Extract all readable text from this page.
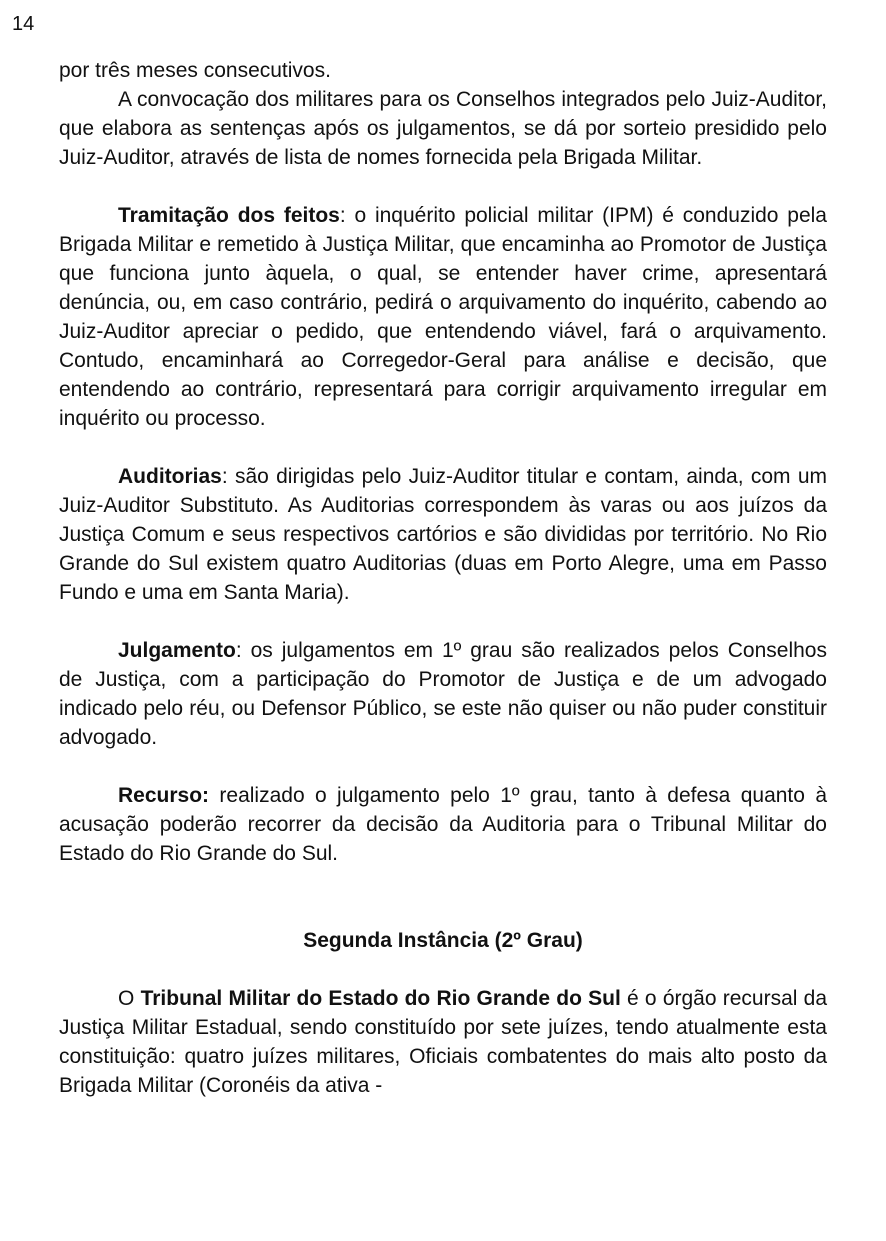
14

por três meses consecutivos.

A convocação dos militares para os Conselhos integrados pelo Juiz-Auditor, que elabora as sentenças após os julgamentos, se dá por sorteio presidido pelo Juiz-Auditor, através de lista de nomes fornecida pela Brigada Militar.

Tramitação dos feitos: o inquérito policial militar (IPM) é conduzido pela Brigada Militar e remetido à Justiça Militar, que encaminha ao Promotor de Justiça que funciona junto àquela, o qual, se entender haver crime, apresentará denúncia, ou, em caso contrário, pedirá o arquivamento do inquérito, cabendo ao Juiz-Auditor apreciar o pedido, que entendendo viável, fará o arquivamento. Contudo, encaminhará ao Corregedor-Geral para análise e decisão, que entendendo ao contrário, representará para corrigir arquivamento irregular em inquérito ou processo.

Auditorias: são dirigidas pelo Juiz-Auditor titular e contam, ainda, com um Juiz-Auditor Substituto. As Auditorias correspondem às varas ou aos juízos da Justiça Comum e seus respectivos cartórios e são divididas por território. No Rio Grande do Sul existem quatro Auditorias (duas em Porto Alegre, uma em Passo Fundo e uma em Santa Maria).

Julgamento: os julgamentos em 1º grau são realizados pelos Conselhos de Justiça, com a participação do Promotor de Justiça e de um advogado indicado pelo réu, ou Defensor Público, se este não quiser ou não puder constituir advogado.

Recurso: realizado o julgamento pelo 1º grau, tanto à defesa quanto à acusação poderão recorrer da decisão da Auditoria para o Tribunal Militar do Estado do Rio Grande do Sul.

Segunda Instância (2º Grau)

O Tribunal Militar do Estado do Rio Grande do Sul é o órgão recursal da Justiça Militar Estadual, sendo constituído por sete juízes, tendo atualmente esta constituição: quatro juízes militares, Oficiais combatentes do mais alto posto da Brigada Militar (Coronéis da ativa -
